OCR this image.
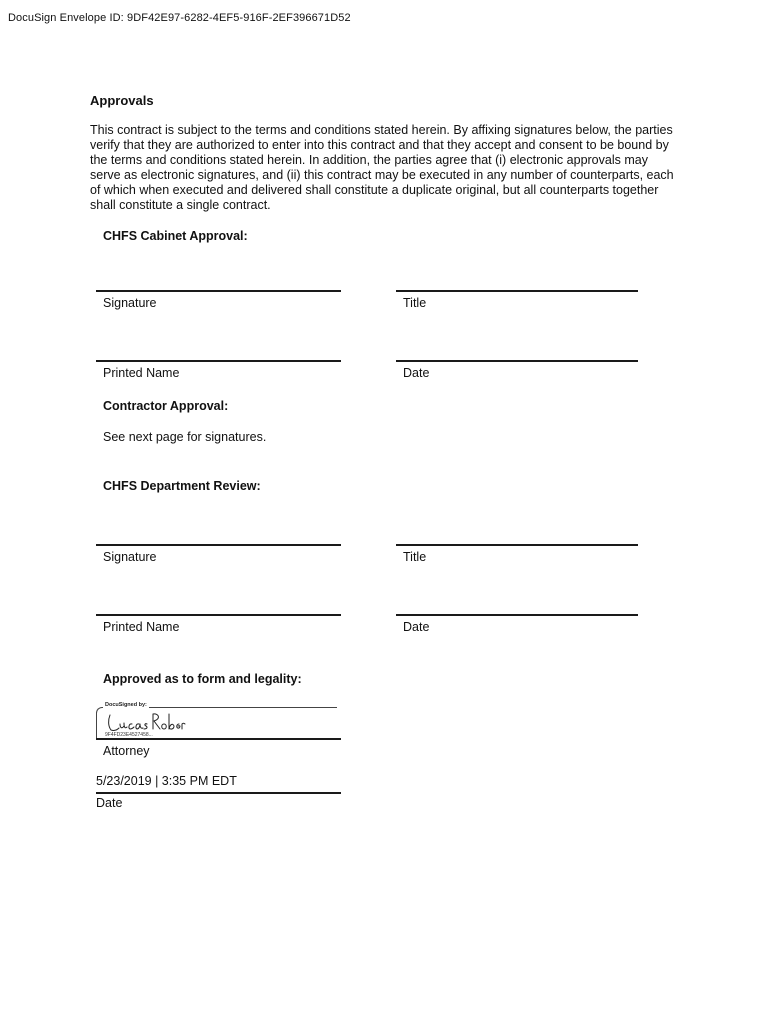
DocuSign Envelope ID: 9DF42E97-6282-4EF5-916F-2EF396671D52
Approvals
This contract is subject to the terms and conditions stated herein. By affixing signatures below, the parties
verify that they are authorized to enter into this contract and that they accept and consent to be bound by
the terms and conditions stated herein. In addition, the parties agree that (i) electronic approvals may
serve as electronic signatures, and (ii) this contract may be executed in any number of counterparts, each
of which when executed and delivered shall constitute a duplicate original, but all counterparts together
shall constitute a single contract.
CHFS Cabinet Approval:
Signature	Title
Printed Name	Date
Contractor Approval:
See next page for signatures.
CHFS Department Review:
Signature	Title
Printed Name	Date
Approved as to form and legality:
DocuSigned by:
9F4FD23E4527458...
Attorney
5/23/2019 | 3:35 PM EDT
Date
